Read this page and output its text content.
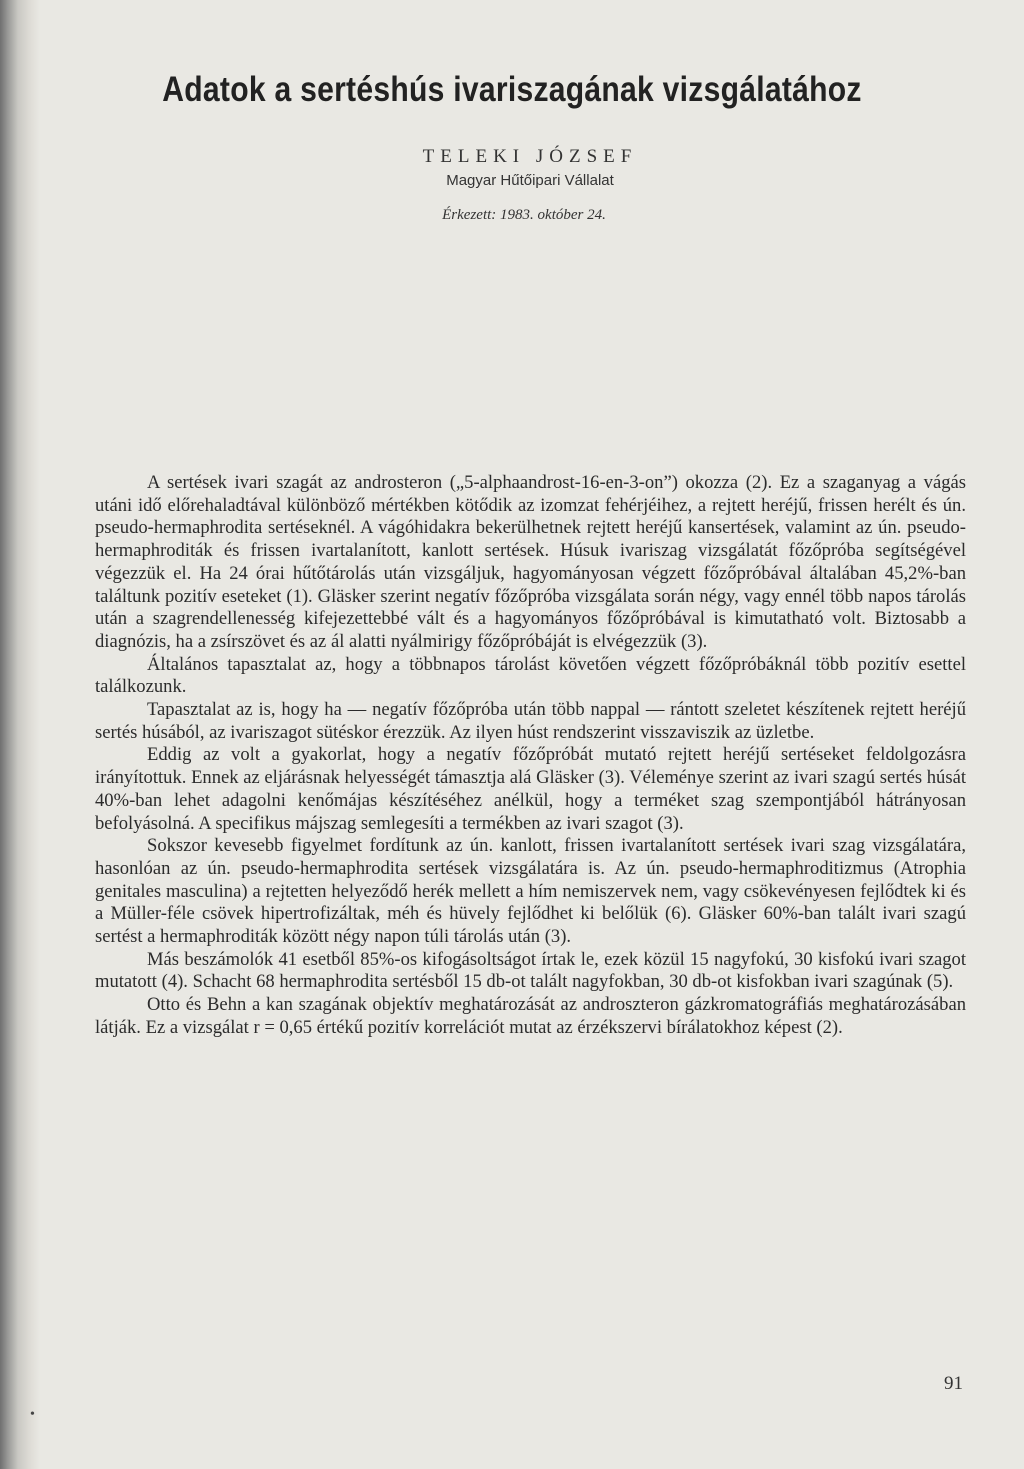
Adatok a sertéshús ivariszagának vizsgálatához
TELEKI JÓZSEF
Magyar Hűtőipari Vállalat
Érkezett: 1983. október 24.

A sertések ivari szagát az androsteron („5-alphaandrost-16-en-3-on”) okozza (2). Ez a szaganyag a vágás utáni idő előrehaladtával különböző mértékben kötődik az izomzat fehérjéihez, a rejtett heréjű, frissen herélt és ún. pseudo-hermaphrodita sertéseknél. A vágóhidakra bekerülhetnek rejtett heréjű kansertések, valamint az ún. pseudo-hermaphroditák és frissen ivartalanított, kanlott sertések. Húsuk ivariszag vizsgálatát főzőpróba segítségével végezzük el. Ha 24 órai hűtőtárolás után vizsgáljuk, hagyományosan végzett főzőpróbával általában 45,2%-ban találtunk pozitív eseteket (1). Gläsker szerint negatív főzőpróba vizsgálata során négy, vagy ennél több napos tárolás után a szagrendellenesség kifejezettebbé vált és a hagyományos főzőpróbával is kimutatható volt. Biztosabb a diagnózis, ha a zsírszövet és az ál alatti nyálmirigy főzőpróbáját is elvégezzük (3).

Általános tapasztalat az, hogy a többnapos tárolást követően végzett főzőpróbáknál több pozitív esettel találkozunk.

Tapasztalat az is, hogy ha — negatív főzőpróba után több nappal — rántott szeletet készítenek rejtett heréjű sertés húsából, az ivariszagot sütéskor érezzük. Az ilyen húst rendszerint visszaviszik az üzletbe.

Eddig az volt a gyakorlat, hogy a negatív főzőpróbát mutató rejtett heréjű sertéseket feldolgozásra irányítottuk. Ennek az eljárásnak helyességét támasztja alá Gläsker (3). Véleménye szerint az ivari szagú sertés húsát 40%-ban lehet adagolni kenőmájas készítéséhez anélkül, hogy a terméket szag szempontjából hátrányosan befolyásolná. A specifikus májszag semlegesíti a termékben az ivari szagot (3).

Sokszor kevesebb figyelmet fordítunk az ún. kanlott, frissen ivartalanított sertések ivari szag vizsgálatára, hasonlóan az ún. pseudo-hermaphrodita sertések vizsgálatára is. Az ún. pseudo-hermaphroditizmus (Atrophia genitales masculina) a rejtetten helyeződő herék mellett a hím nemiszervek nem, vagy csökevényesen fejlődtek ki és a Müller-féle csövek hipertrofizáltak, méh és hüvely fejlődhet ki belőlük (6). Gläsker 60%-ban talált ivari szagú sertést a hermaphroditák között négy napon túli tárolás után (3).

Más beszámolók 41 esetből 85%-os kifogásoltságot írtak le, ezek közül 15 nagyfokú, 30 kisfokú ivari szagot mutatott (4). Schacht 68 hermaphrodita sertésből 15 db-ot talált nagyfokban, 30 db-ot kisfokban ivari szagúnak (5).

Otto és Behn a kan szagának objektív meghatározását az androszteron gázkromatográfiás meghatározásában látják. Ez a vizsgálat r = 0,65 értékű pozitív korrelációt mutat az érzékszervi bírálatokhoz képest (2).

91
•
